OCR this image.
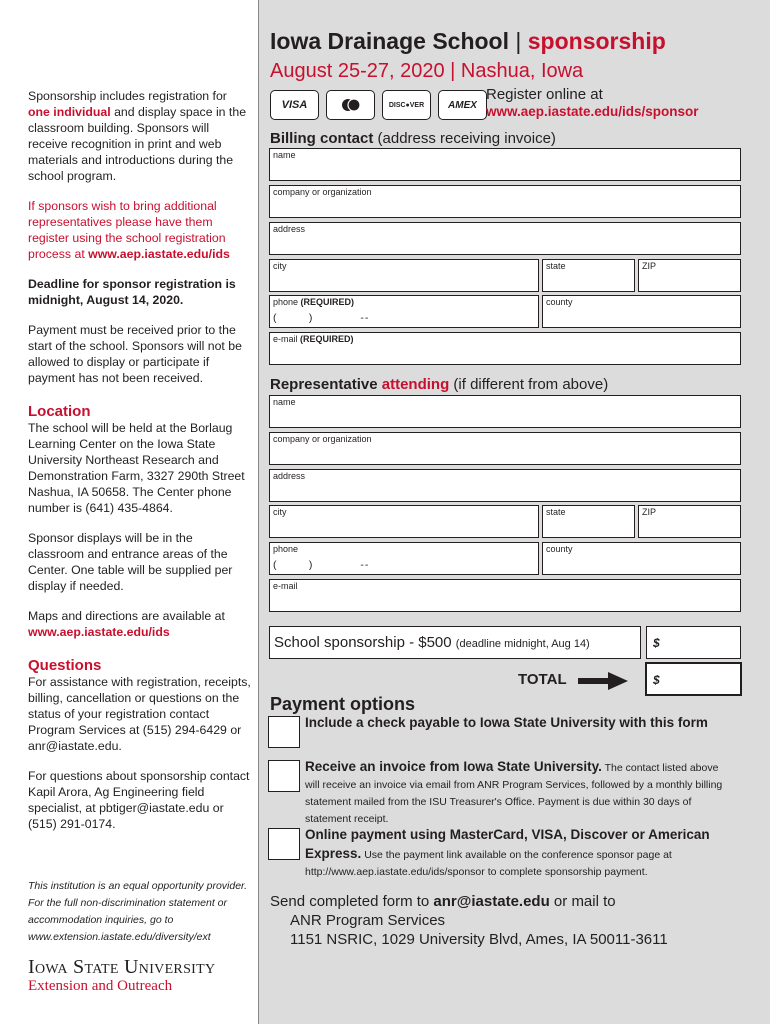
Sponsorship includes registration for one individual and display space in the classroom building. Sponsors will receive recognition in print and web materials and introductions during the school program.

If sponsors wish to bring additional representatives please have them register using the school registration process at www.aep.iastate.edu/ids

Deadline for sponsor registration is midnight, August 14, 2020.

Payment must be received prior to the start of the school. Sponsors will not be allowed to display or participate if payment has not been received.

Location

The school will be held at the Borlaug Learning Center on the Iowa State University Northeast Research and Demonstration Farm, 3327 290th Street Nashua, IA 50658. The Center phone number is (641) 435-4864.

Sponsor displays will be in the classroom and entrance areas of the Center. One table will be supplied per display if needed.

Maps and directions are available at
www.aep.iastate.edu/ids

Questions

For assistance with registration, receipts, billing, cancellation or questions on the status of your registration contact Program Services at (515) 294-6429 or anr@iastate.edu.

For questions about sponsorship contact Kapil Arora, Ag Engineering field specialist, at pbtiger@iastate.edu or (515) 291-0174.

This institution is an equal opportunity provider. For the full non-discrimination statement or accommodation inquiries, go to www.extension.iastate.edu/diversity/ext
Iowa State University
Extension and Outreach
Iowa Drainage School | sponsorship
August 25-27, 2020 | Nashua, Iowa
VISA	DISC●VER	AMEX
Register online at
www.aep.iastate.edu/ids/sponsor
Billing contact (address receiving invoice)
name
company or organization
address
city	state	ZIP
phone (REQUIRED)
(        )            --
county
e-mail (REQUIRED)
Representative attending (if different from above)
name
company or organization
address
city	state	ZIP
phone
(        )            --
county
e-mail
School sponsorship - $500 (deadline midnight, Aug 14)	$
TOTAL	$
Payment options
Include a check payable to Iowa State University with this form
Receive an invoice from Iowa State University. The contact listed above will receive an invoice via email from ANR Program Services, followed by a monthly billing statement mailed from the ISU Treasurer's Office. Payment is due within 30 days of statement receipt.
Online payment using MasterCard, VISA, Discover or American Express. Use the payment link available on the conference sponsor page at http://www.aep.iastate.edu/ids/sponsor to complete sponsorship payment.
Send completed form to anr@iastate.edu or mail to
ANR Program Services
1151 NSRIC, 1029 University Blvd, Ames, IA 50011-3611
